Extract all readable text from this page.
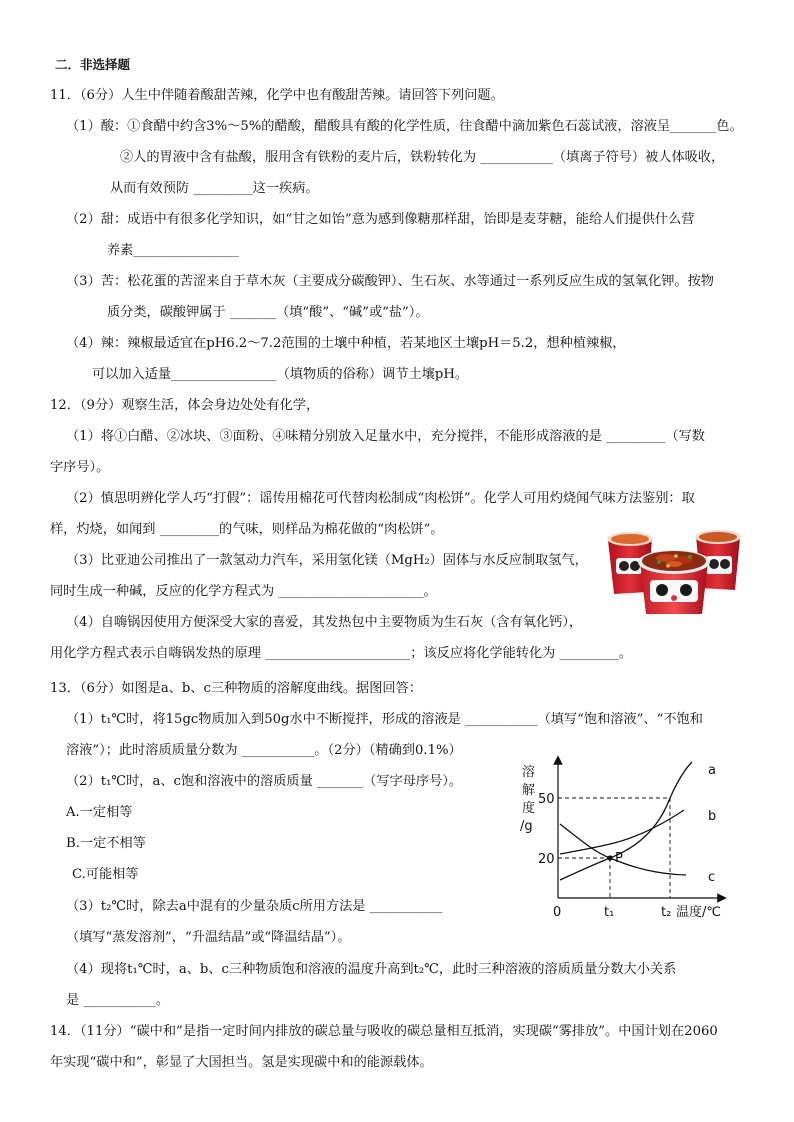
二．非选择题
11．（6分）人生中伴随着酸甜苦辣，化学中也有酸甜苦辣。请回答下列问题。
（1）酸：①食醋中约含3%～5%的醋酸，醋酸具有酸的化学性质，往食醋中滴加紫色石蕊试液，溶液呈_______色。
②人的胃液中含有盐酸，服用含有铁粉的麦片后，铁粉转化为 ___________（填离子符号）被人体吸收，
从而有效预防 _________这一疾病。
（2）甜：成语中有很多化学知识，如“甘之如饴”意为感到像糖那样甜，饴即是麦芽糖，能给人们提供什么营
养素________________
（3）苦：松花蛋的苦涩来自于草木灰（主要成分碳酸钾）、生石灰、水等通过一系列反应生成的氢氧化钾。按物
质分类，碳酸钾属于 _______（填“酸”、“碱”或“盐”）。
（4）辣：辣椒最适宜在pH6.2～7.2范围的土壤中种植，若某地区土壤pH＝5.2，想种植辣椒，
可以加入适量________________（填物质的俗称）调节土壤pH。
12．（9分）观察生活，体会身边处处有化学，
（1）将①白醋、②冰块、③面粉、④味精分别放入足量水中，充分搅拌，不能形成溶液的是 _________（写数
字序号）。
（2）慎思明辨化学人巧“打假”：谣传用棉花可代替肉松制成“肉松饼”。化学人可用灼烧闻气味方法鉴别：取
样，灼烧，如闻到 _________的气味，则样品为棉花做的“肉松饼”。
（3）比亚迪公司推出了一款氢动力汽车，采用氢化镁（MgH₂）固体与水反应制取氢气，
同时生成一种碱，反应的化学方程式为 ______________________。
（4）自嗨锅因使用方便深受大家的喜爱，其发热包中主要物质为生石灰（含有氧化钙），
用化学方程式表示自嗨锅发热的原理 ______________________；该反应将化学能转化为 _________。
13．（6分）如图是a、b、c三种物质的溶解度曲线。据图回答：
（1）t₁℃时，将15gc物质加入到50g水中不断搅拌，形成的溶液是 ___________（填写“饱和溶液”、“不饱和
溶液”）；此时溶质质量分数为 ___________。（2分）（精确到0.1%）
（2）t₁℃时，a、c饱和溶液中的溶质质量 _______（写字母序号）。
A.一定相等
B.一定不相等
C.可能相等
（3）t₂℃时，除去a中混有的少量杂质c所用方法是 ___________
（填写“蒸发溶剂”，“升温结晶”或“降温结晶”）。
（4）现将t₁℃时，a、b、c三种物质饱和溶液的温度升高到t₂℃，此时三种溶液的溶质质量分数大小关系
是 ___________。
溶
解
度
/g
P
a
b
c
50
20
0	t₁	t₂ 温度/℃
14．（11分）“碳中和”是指一定时间内排放的碳总量与吸收的碳总量相互抵消，实现碳“雾排放”。中国计划在2060
年实现“碳中和”，彰显了大国担当。氢是实现碳中和的能源载体。
